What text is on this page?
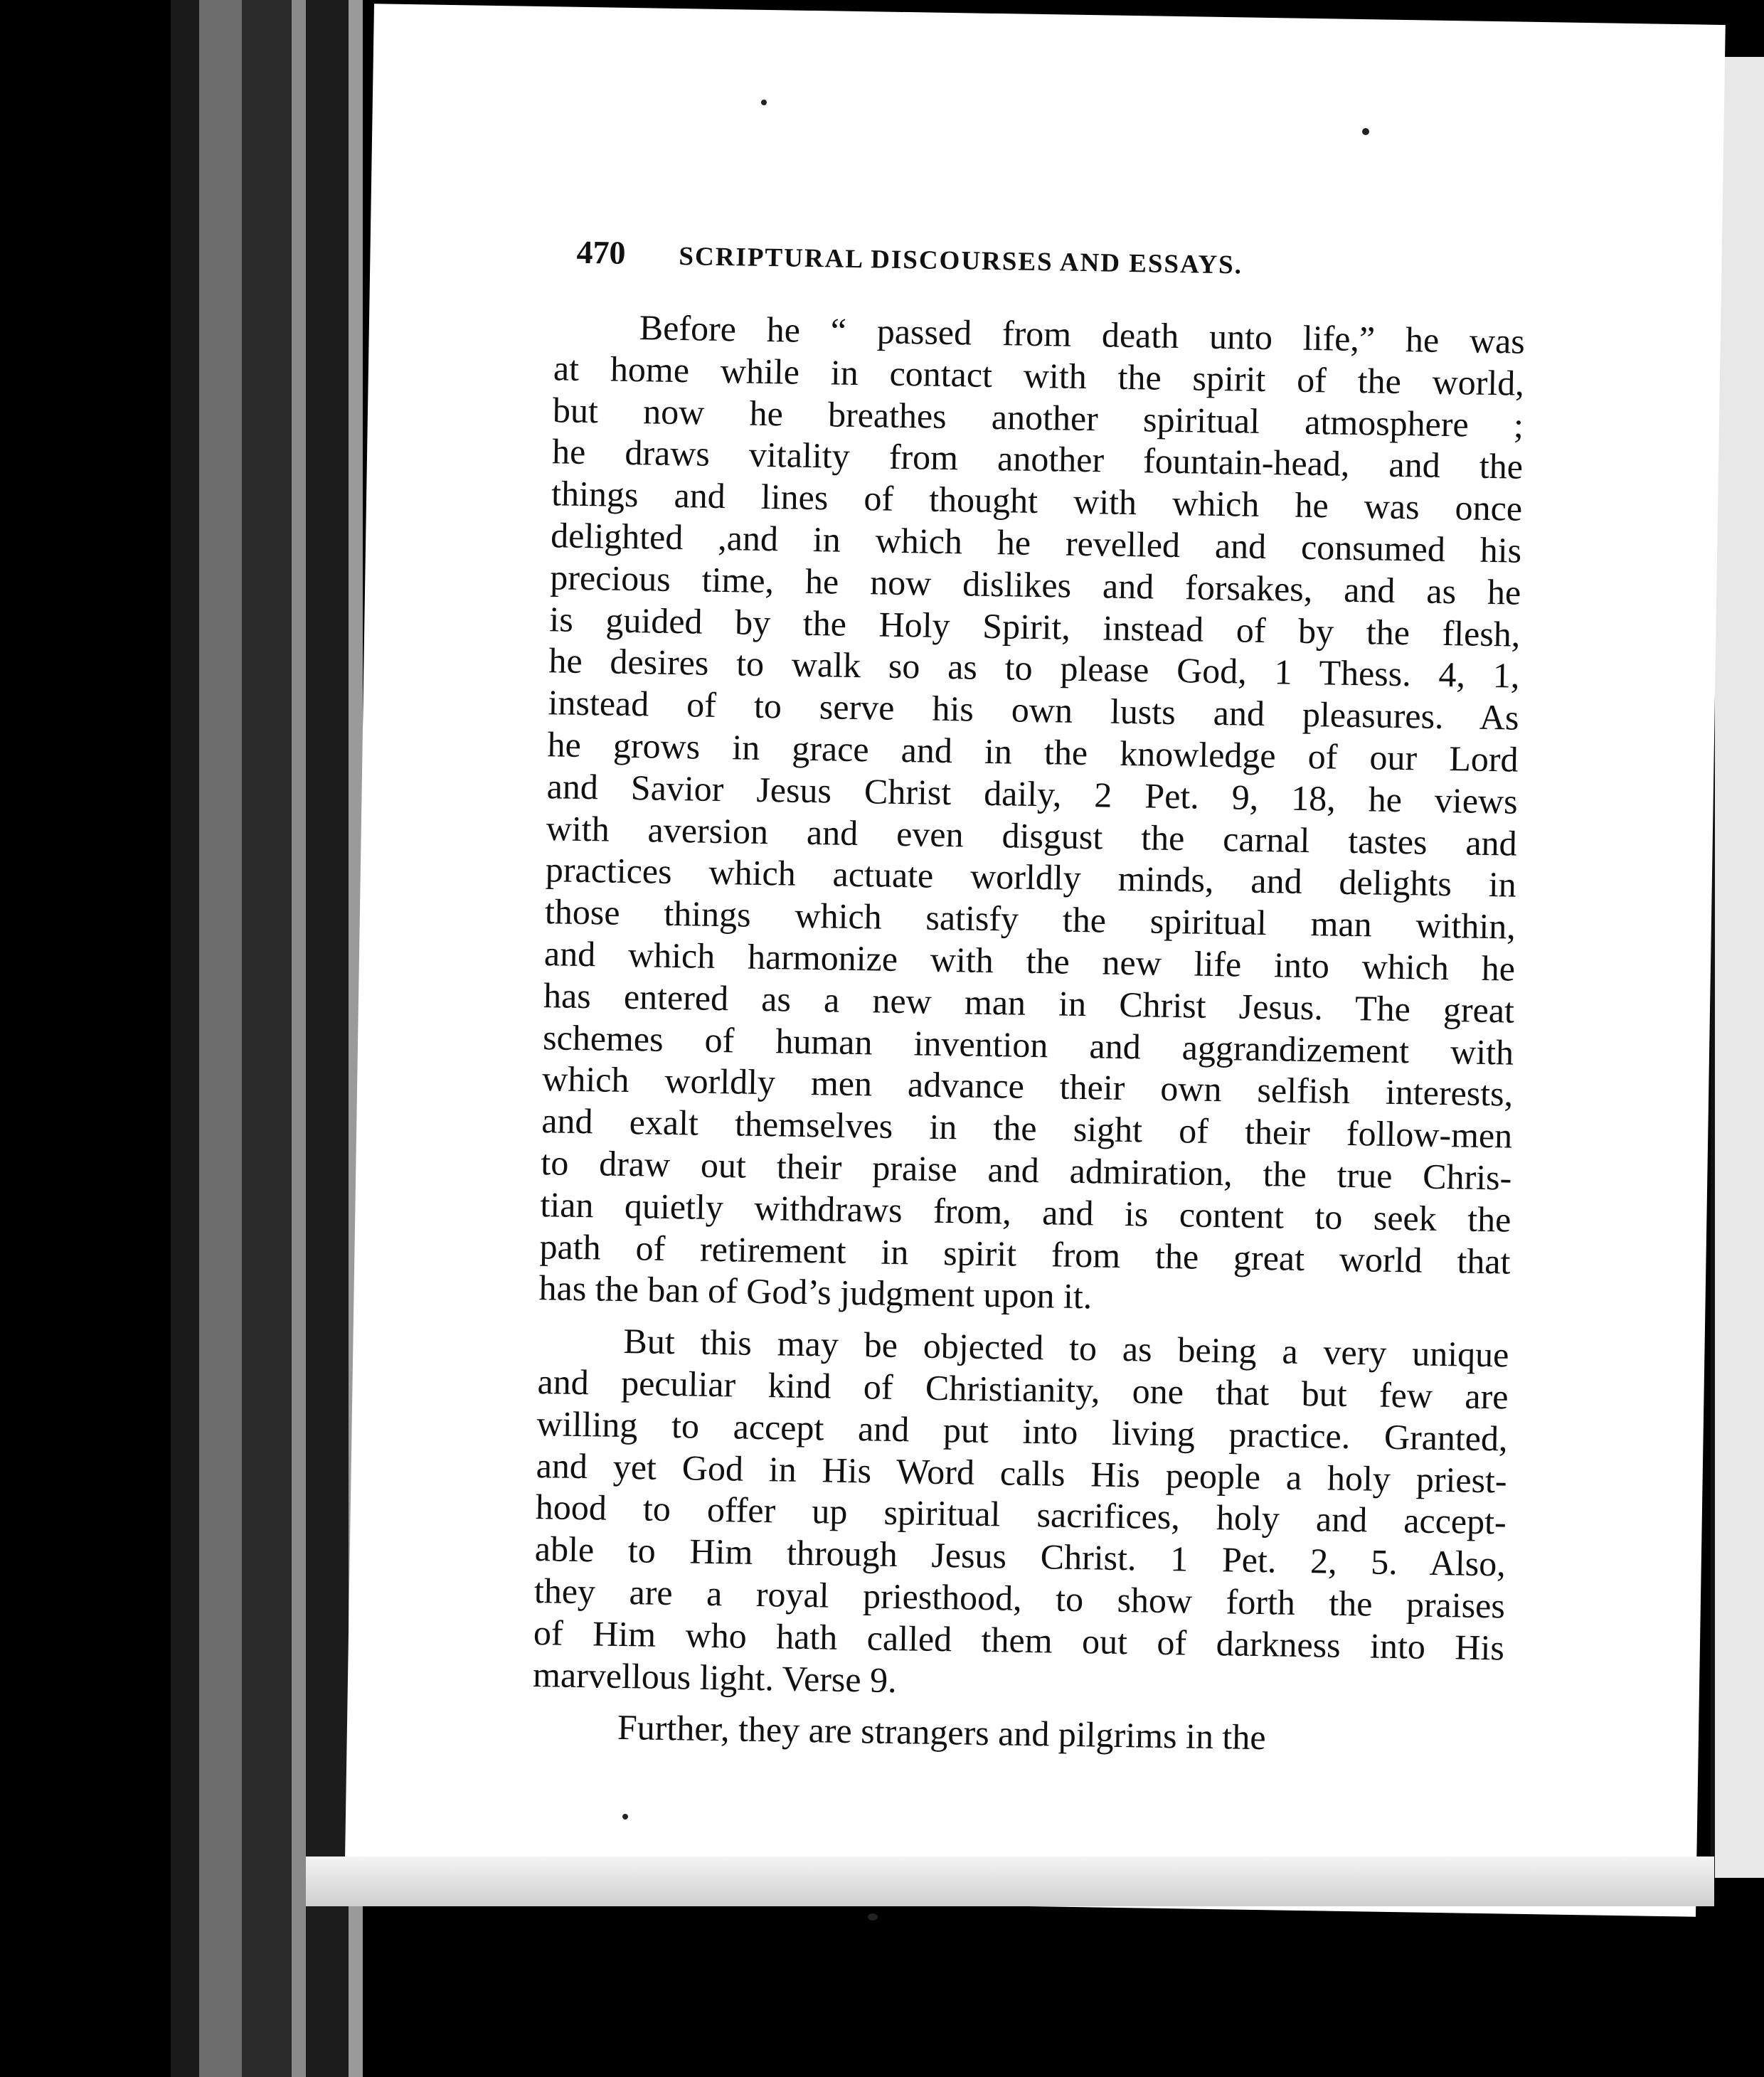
470 SCRIPTURAL DISCOURSES AND ESSAYS.
Before he “ passed from death unto life,” he was
at home while in contact with the spirit of the world,
but now he breathes another spiritual atmosphere ;
he draws vitality from another fountain-head, and the
things and lines of thought with which he was once
delighted ,and in which he revelled and consumed his
precious time, he now dislikes and forsakes, and as he
is guided by the Holy Spirit, instead of by the flesh,
he desires to walk so as to please God, 1 Thess. 4, 1,
instead of to serve his own lusts and pleasures. As
he grows in grace and in the knowledge of our Lord
and Savior Jesus Christ daily, 2 Pet. 9, 18, he views
with aversion and even disgust the carnal tastes and
practices which actuate worldly minds, and delights in
those things which satisfy the spiritual man within,
and which harmonize with the new life into which he
has entered as a new man in Christ Jesus. The great
schemes of human invention and aggrandizement with
which worldly men advance their own selfish interests,
and exalt themselves in the sight of their follow-men
to draw out their praise and admiration, the true Chris-
tian quietly withdraws from, and is content to seek the
path of retirement in spirit from the great world that
has the ban of God’s judgment upon it.
But this may be objected to as being a very unique
and peculiar kind of Christianity, one that but few are
willing to accept and put into living practice. Granted,
and yet God in His Word calls His people a holy priest-
hood to offer up spiritual sacrifices, holy and accept-
able to Him through Jesus Christ. 1 Pet. 2, 5. Also,
they are a royal priesthood, to show forth the praises
of Him who hath called them out of darkness into His
marvellous light. Verse 9.
Further, they are strangers and pilgrims in the
